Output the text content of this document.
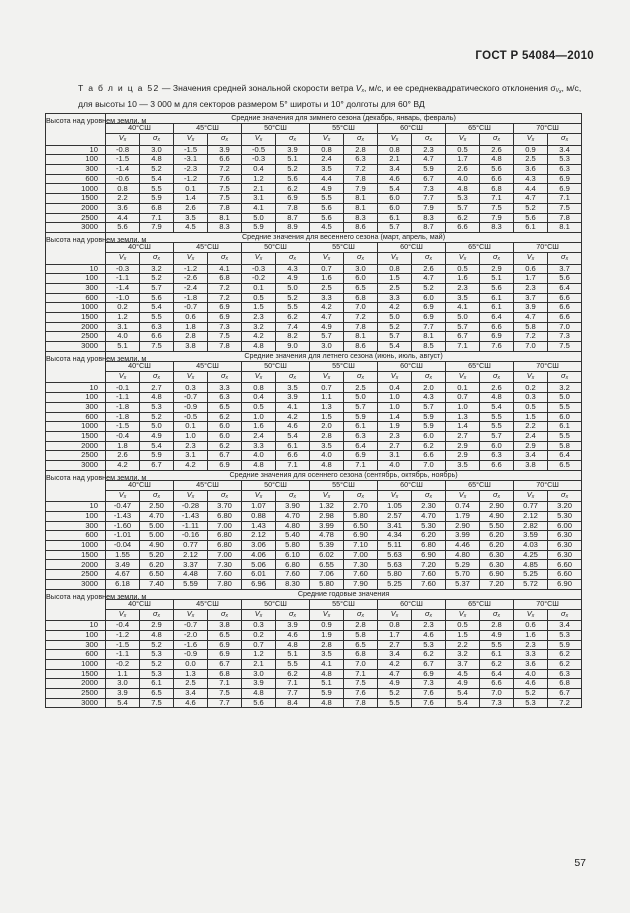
ГОСТ Р 54084—2010
Т а б л и ц а 52 — Значения средней зональной скорости ветра $V_x$, м/с, и ее среднеквадратического отклонения $\sigma_{V_x}$, м/с, для высоты 10 — 3 000 м для секторов размером 5° широты и 10° долготы для 60° ВД
Высота над уровнем земли, м	Средние значения для зимнего сезона (декабрь, январь, февраль)													
	40°СШ		45°СШ		50°СШ		55°СШ		60°СШ		65°СШ		70°СШ	
	$V_x$	$\sigma_x$	$V_x$	$\sigma_x$	$V_x$	$\sigma_x$	$V_x$	$\sigma_x$	$V_x$	$\sigma_x$	$V_x$	$\sigma_x$	$V_x$	$\sigma_x$
10	-0.8	3.0	-1.5	3.9	-0.5	3.9	0.8	2.8	0.8	2.3	0.5	2.6	0.9	3.4
100	-1.5	4.8	-3.1	6.6	-0.3	5.1	2.4	6.3	2.1	4.7	1.7	4.8	2.5	5.3
300	-1.4	5.2	-2.3	7.2	0.4	5.2	3.5	7.2	3.4	5.9	2.6	5.6	3.6	6.3
600	-0.6	5.4	-1.2	7.6	1.2	5.6	4.4	7.8	4.6	6.7	4.0	6.6	4.3	6.9
1000	0.8	5.5	0.1	7.5	2.1	6.2	4.9	7.9	5.4	7.3	4.8	6.8	4.4	6.9
1500	2.2	5.9	1.4	7.5	3.1	6.9	5.5	8.1	6.0	7.7	5.3	7.1	4.7	7.1
2000	3.6	6.8	2.6	7.8	4.1	7.8	5.6	8.1	6.0	7.9	5.7	7.5	5.2	7.5
2500	4.4	7.1	3.5	8.1	5.0	8.7	5.6	8.3	6.1	8.3	6.2	7.9	5.6	7.8
3000	5.6	7.9	4.5	8.3	5.9	8.9	4.5	8.6	5.7	8.7	6.6	8.3	6.1	8.1
Высота над уровнем земли, м	Средние значения для весеннего сезона (март, апрель, май)													
	40°СШ		45°СШ		50°СШ		55°СШ		60°СШ		65°СШ		70°СШ	
	$V_x$	$\sigma_x$	$V_x$	$\sigma_x$	$V_x$	$\sigma_x$	$V_x$	$\sigma_x$	$V_x$	$\sigma_x$	$V_x$	$\sigma_x$	$V_x$	$\sigma_x$
10	-0.3	3.2	-1.2	4.1	-0.3	4.3	0.7	3.0	0.8	2.6	0.5	2.9	0.6	3.7
100	-1.1	5.2	-2.6	6.8	-0.2	4.9	1.6	6.0	1.5	4.7	1.6	5.1	1.7	5.6
300	-1.4	5.7	-2.4	7.2	0.1	5.0	2.5	6.5	2.5	5.2	2.3	5.6	2.3	6.4
600	-1.0	5.6	-1.8	7.2	0.5	5.2	3.3	6.8	3.3	6.0	3.5	6.1	3.7	6.6
1000	0.2	5.4	-0.7	6.9	1.5	5.5	4.2	7.0	4.2	6.9	4.1	6.1	3.9	6.6
1500	1.2	5.5	0.6	6.9	2.3	6.2	4.7	7.2	5.0	6.9	5.0	6.4	4.7	6.6
2000	3.1	6.3	1.8	7.3	3.2	7.4	4.9	7.8	5.2	7.7	5.7	6.6	5.8	7.0
2500	4.0	6.6	2.8	7.5	4.2	8.2	5.7	8.1	5.7	8.1	6.7	6.9	7.2	7.3
3000	5.1	7.5	3.8	7.8	4.8	9.0	3.0	8.6	5.4	8.5	7.1	7.6	7.0	7.5
Высота над уровнем земли, м	Средние значения для летнего сезона (июнь, июль, август)													
	40°СШ		45°СШ		50°СШ		55°СШ		60°СШ		65°СШ		70°СШ	
	$V_x$	$\sigma_x$	$V_x$	$\sigma_x$	$V_x$	$\sigma_x$	$V_x$	$\sigma_x$	$V_x$	$\sigma_x$	$V_x$	$\sigma_x$	$V_x$	$\sigma_x$
10	-0.1	2.7	0.3	3.3	0.8	3.5	0.7	2.5	0.4	2.0	0.1	2.6	0.2	3.2
100	-1.1	4.8	-0.7	6.3	0.4	3.9	1.1	5.0	1.0	4.3	0.7	4.8	0.3	5.0
300	-1.8	5.3	-0.9	6.5	0.5	4.1	1.3	5.7	1.0	5.7	1.0	5.4	0.5	5.5
600	-1.8	5.2	-0.5	6.2	1.0	4.2	1.5	5.9	1.4	5.9	1.3	5.5	1.5	6.0
1000	-1.5	5.0	0.1	6.0	1.6	4.6	2.0	6.1	1.9	5.9	1.4	5.5	2.2	6.1
1500	-0.4	4.9	1.0	6.0	2.4	5.4	2.8	6.3	2.3	6.0	2.7	5.7	2.4	5.5
2000	1.8	5.4	2.3	6.2	3.3	6.1	3.5	6.4	2.7	6.2	2.9	6.0	2.9	5.8
2500	2.6	5.9	3.1	6.7	4.0	6.6	4.0	6.9	3.1	6.6	2.9	6.3	3.4	6.4
3000	4.2	6.7	4.2	6.9	4.8	7.1	4.8	7.1	4.0	7.0	3.5	6.6	3.8	6.5
Высота над уровнем земли, м	Средние значения для осеннего сезона (сентябрь, октябрь, ноябрь)													
	40°СШ		45°СШ		50°СШ		55°СШ		60°СШ		65°СШ		70°СШ	
	$V_x$	$\sigma_x$	$V_x$	$\sigma_x$	$V_x$	$\sigma_x$	$V_x$	$\sigma_x$	$V_x$	$\sigma_x$	$V_x$	$\sigma_x$	$V_x$	$\sigma_x$
10	-0.47	2.50	-0.28	3.70	1.07	3.90	1.32	2.70	1.05	2.30	0.74	2.90	0.77	3.20
100	-1.43	4.70	-1.43	6.80	0.88	4.70	2.98	5.80	2.57	4.70	1.79	4.90	2.12	5.30
300	-1.60	5.00	-1.11	7.00	1.43	4.80	3.99	6.50	3.41	5.30	2.90	5.50	2.82	6.00
600	-1.01	5.00	-0.16	6.80	2.12	5.40	4.78	6.90	4.34	6.20	3.99	6.20	3.59	6.30
1000	-0.04	4.90	0.77	6.80	3.06	5.80	5.39	7.10	5.11	6.80	4.46	6.20	4.03	6.30
1500	1.55	5.20	2.12	7.00	4.06	6.10	6.02	7.00	5.63	6.90	4.80	6.30	4.25	6.30
2000	3.49	6.20	3.37	7.30	5.06	6.80	6.55	7.30	5.63	7.20	5.29	6.30	4.85	6.60
2500	4.67	6.50	4.48	7.60	6.01	7.60	7.06	7.60	5.80	7.60	5.70	6.90	5.25	6.60
3000	6.18	7.40	5.59	7.80	6.96	8.30	5.80	7.90	5.25	7.60	5.37	7.20	5.72	6.90
Высота над уровнем земли, м	Средние годовые значения													
	40°СШ		45°СШ		50°СШ		55°СШ		60°СШ		65°СШ		70°СШ	
	$V_x$	$\sigma_x$	$V_x$	$\sigma_x$	$V_x$	$\sigma_x$	$V_x$	$\sigma_x$	$V_x$	$\sigma_x$	$V_x$	$\sigma_x$	$V_x$	$\sigma_x$
10	-0.4	2.9	-0.7	3.8	0.3	3.9	0.9	2.8	0.8	2.3	0.5	2.8	0.6	3.4
100	-1.2	4.8	-2.0	6.5	0.2	4.6	1.9	5.8	1.7	4.6	1.5	4.9	1.6	5.3
300	-1.5	5.2	-1.6	6.9	0.7	4.8	2.8	6.5	2.7	5.3	2.2	5.5	2.3	5.9
600	-1.1	5.3	-0.9	6.9	1.2	5.1	3.5	6.8	3.4	6.2	3.2	6.1	3.3	6.2
1000	-0.2	5.2	0.0	6.7	2.1	5.5	4.1	7.0	4.2	6.7	3.7	6.2	3.6	6.2
1500	1.1	5.3	1.3	6.8	3.0	6.2	4.8	7.1	4.7	6.9	4.5	6.4	4.0	6.3
2000	3.0	6.1	2.5	7.1	3.9	7.1	5.1	7.5	4.9	7.3	4.9	6.6	4.6	6.8
2500	3.9	6.5	3.4	7.5	4.8	7.7	5.9	7.6	5.2	7.6	5.4	7.0	5.2	6.7
3000	5.4	7.5	4.6	7.7	5.6	8.4	4.8	7.8	5.5	7.6	5.4	7.3	5.3	7.2
57
